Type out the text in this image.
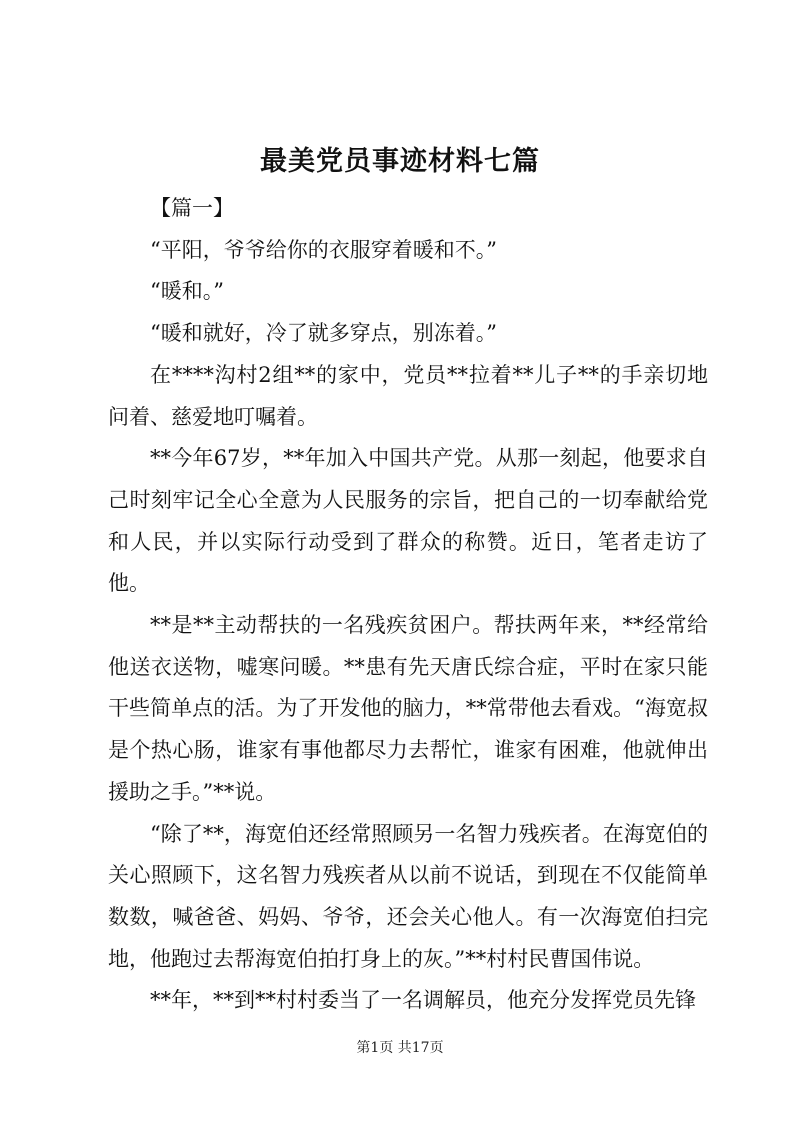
最美党员事迹材料七篇

【篇一】

“平阳，爷爷给你的衣服穿着暖和不。”

“暖和。”

“暖和就好，冷了就多穿点，别冻着。”

在****沟村2组**的家中，党员**拉着**儿子**的手亲切地问着、慈爱地叮嘱着。

**今年67岁，**年加入中国共产党。从那一刻起，他要求自己时刻牢记全心全意为人民服务的宗旨，把自己的一切奉献给党和人民，并以实际行动受到了群众的称赞。近日，笔者走访了他。

**是**主动帮扶的一名残疾贫困户。帮扶两年来，**经常给他送衣送物，嘘寒问暖。**患有先天唐氏综合症，平时在家只能干些简单点的活。为了开发他的脑力，**常带他去看戏。“海宽叔是个热心肠，谁家有事他都尽力去帮忙，谁家有困难，他就伸出援助之手。”**说。

“除了**，海宽伯还经常照顾另一名智力残疾者。在海宽伯的关心照顾下，这名智力残疾者从以前不说话，到现在不仅能简单数数，喊爸爸、妈妈、爷爷，还会关心他人。有一次海宽伯扫完地，他跑过去帮海宽伯拍打身上的灰。”**村村民曹国伟说。

**年，**到**村村委当了一名调解员，他充分发挥党员先锋

第1页 共17页
